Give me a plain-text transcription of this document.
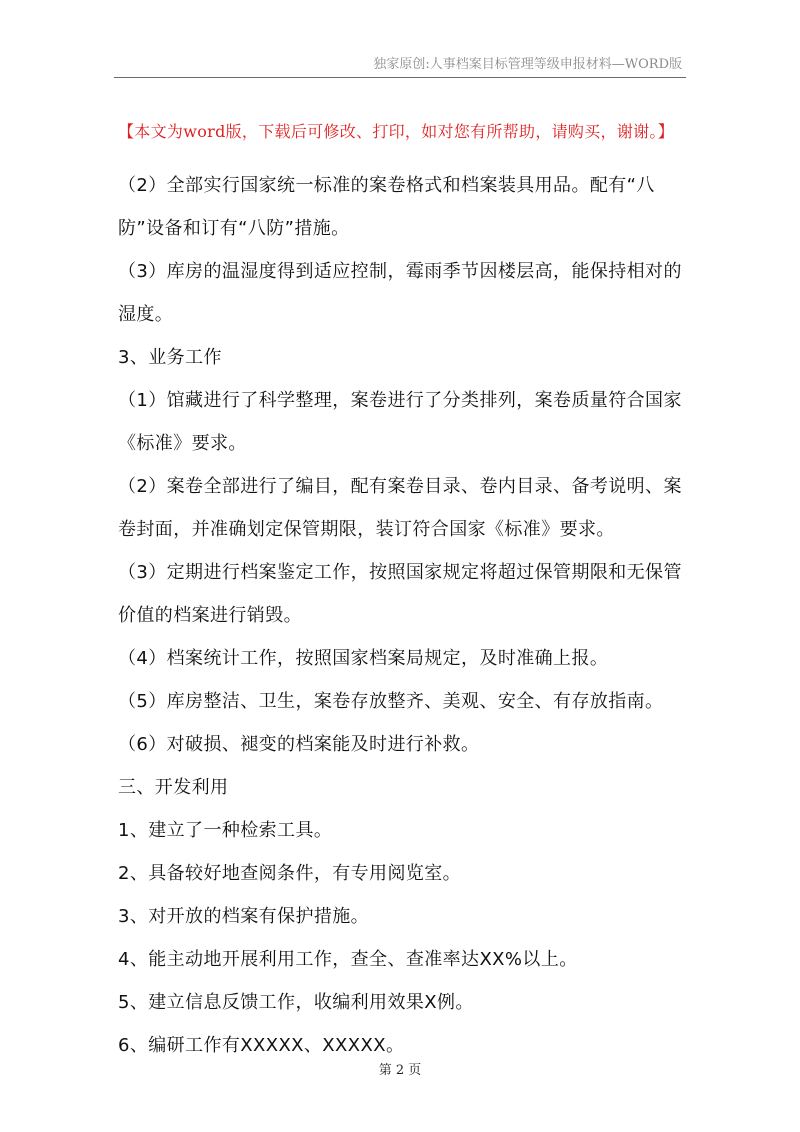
独家原创:人事档案目标管理等级申报材料—WORD版
【本文为word版，下载后可修改、打印，如对您有所帮助，请购买，谢谢。】

（2）全部实行国家统一标准的案卷格式和档案装具用品。配有“八防”设备和订有“八防”措施。

（3）库房的温湿度得到适应控制，霉雨季节因楼层高，能保持相对的湿度。

3、业务工作

（1）馆藏进行了科学整理，案卷进行了分类排列，案卷质量符合国家《标准》要求。

（2）案卷全部进行了编目，配有案卷目录、卷内目录、备考说明、案卷封面，并准确划定保管期限，装订符合国家《标准》要求。

（3）定期进行档案鉴定工作，按照国家规定将超过保管期限和无保管价值的档案进行销毁。

（4）档案统计工作，按照国家档案局规定，及时准确上报。

（5）库房整洁、卫生，案卷存放整齐、美观、安全、有存放指南。

（6）对破损、褪变的档案能及时进行补救。

三、开发利用

1、建立了一种检索工具。

2、具备较好地查阅条件，有专用阅览室。

3、对开放的档案有保护措施。

4、能主动地开展利用工作，查全、查准率达XX%以上。

5、建立信息反馈工作，收编利用效果X例。

6、编研工作有XXXXX、XXXXX。

第 2 页
